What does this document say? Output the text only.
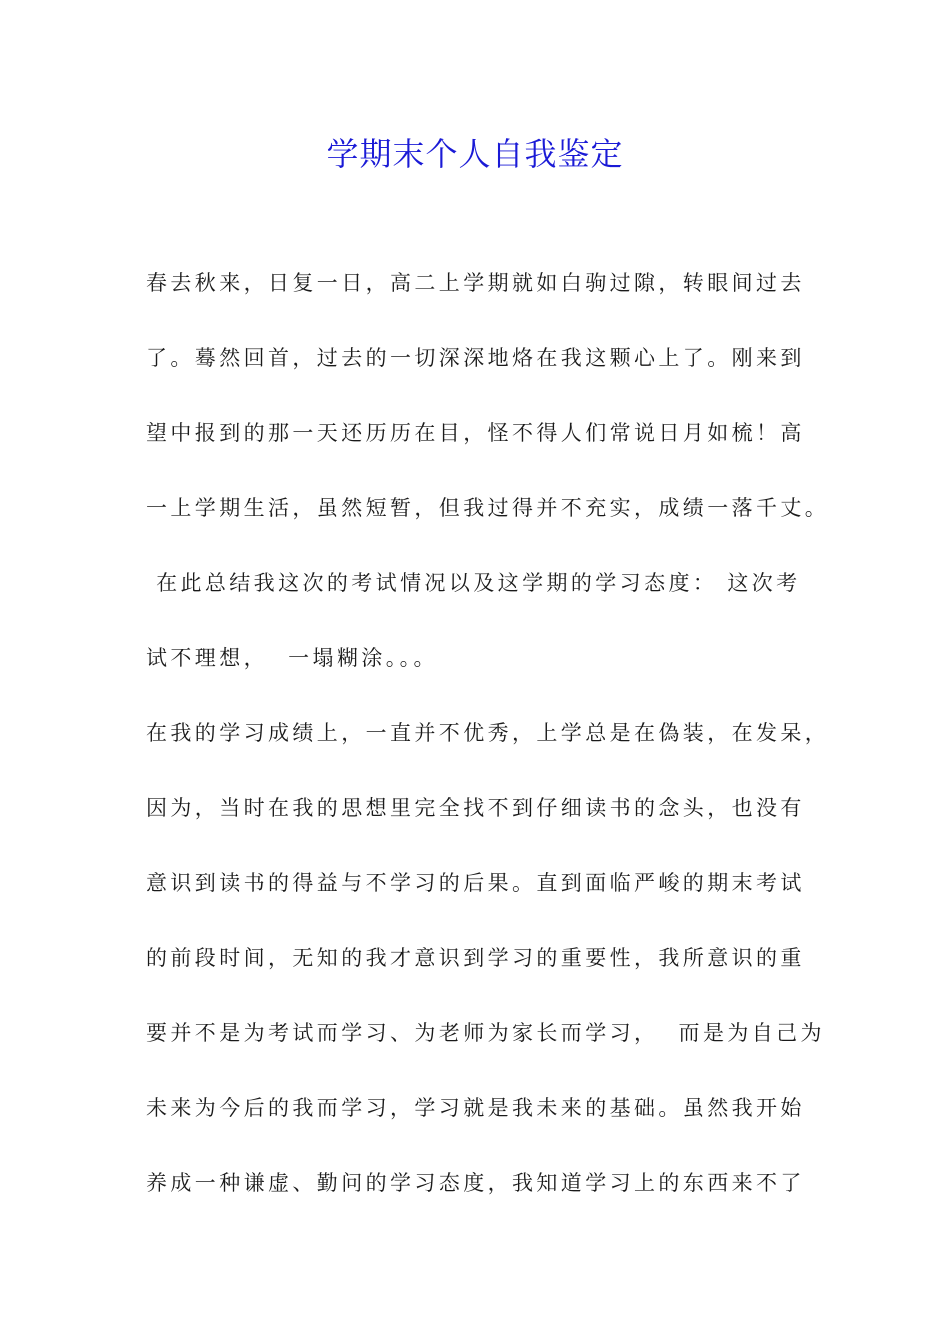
学期末个人自我鉴定
春去秋来，日复一日，高二上学期就如白驹过隙，转眼间过去
了。蓦然回首，过去的一切深深地烙在我这颗心上了。刚来到
望中报到的那一天还历历在目，怪不得人们常说日月如梳！高
一上学期生活，虽然短暂，但我过得并不充实，成绩一落千丈。
在此总结我这次的考试情况以及这学期的学习态度： 这次考
试不理想，  一塌糊涂。。。
在我的学习成绩上，一直并不优秀，上学总是在偽装，在发呆，
因为，当时在我的思想里完全找不到仔细读书的念头，也没有
意识到读书的得益与不学习的后果。直到面临严峻的期末考试
的前段时间，无知的我才意识到学习的重要性，我所意识的重
要并不是为考试而学习、为老师为家长而学习，  而是为自己为
未来为今后的我而学习，学习就是我未来的基础。虽然我开始
养成一种谦虚、勤问的学习态度，我知道学习上的东西来不了
